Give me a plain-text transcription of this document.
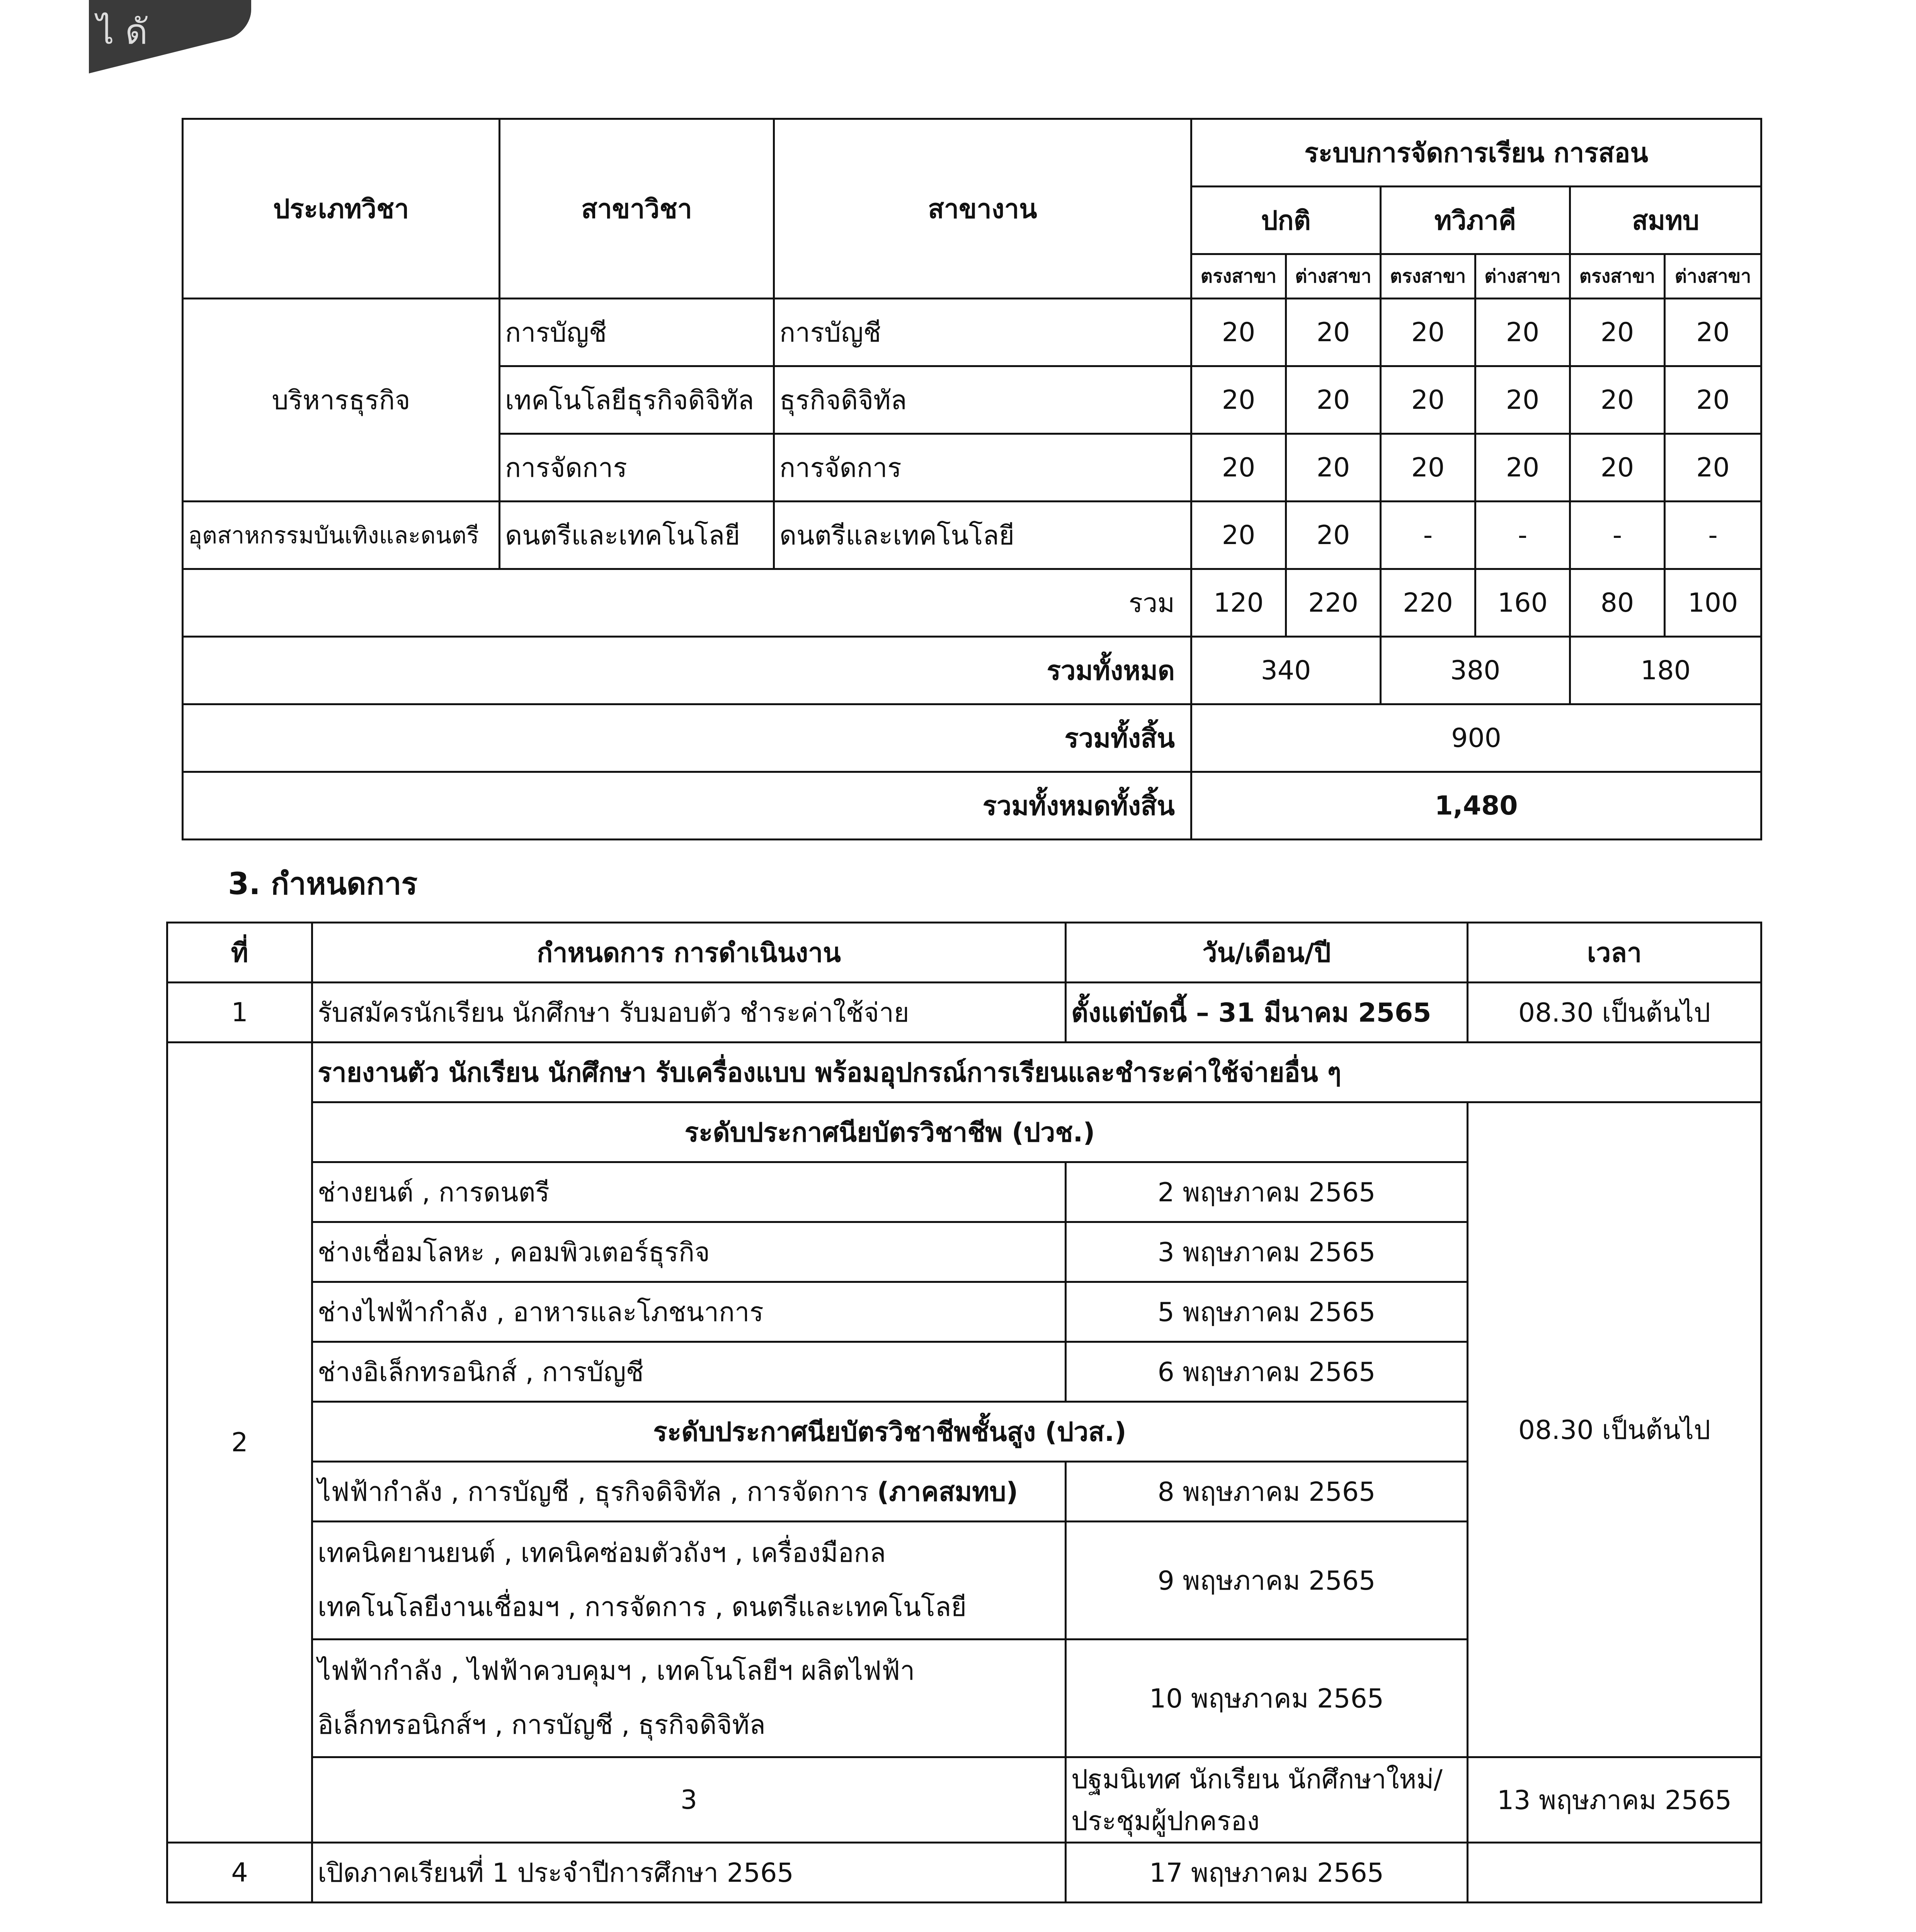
ไ ดั
ประเภทวิชา	สาขาวิชา	สาขางาน	ระบบการจัดการเรียน การสอน					
			ปกติ		ทวิภาคี		สมทบ	
			ตรงสาขา	ต่างสาขา	ตรงสาขา	ต่างสาขา	ตรงสาขา	ต่างสาขา
บริหารธุรกิจ	การบัญชี	การบัญชี	20	20	20	20	20	20
	เทคโนโลยีธุรกิจดิจิทัล	ธุรกิจดิจิทัล	20	20	20	20	20	20
	การจัดการ	การจัดการ	20	20	20	20	20	20
อุตสาหกรรมบันเทิงและดนตรี	ดนตรีและเทคโนโลยี	ดนตรีและเทคโนโลยี	20	20	-	-	-	-
รวม			120	220	220	160	80	100
รวมทั้งหมด			340		380		180	
รวมทั้งสิ้น			900					
รวมทั้งหมดทั้งสิ้น			1,480					
3. กำหนดการ
ที่	กำหนดการ การดำเนินงาน	วัน/เดือน/ปี	เวลา	
1	รับสมัครนักเรียน นักศึกษา รับมอบตัว ชำระค่าใช้จ่าย	ตั้งแต่บัดนี้ – 31 มีนาคม 2565	08.30 เป็นต้นไป	
2	รายงานตัว นักเรียน นักศึกษา รับเครื่องแบบ พร้อมอุปกรณ์การเรียนและชำระค่าใช้จ่ายอื่น ๆ			
	ระดับประกาศนียบัตรวิชาชีพ (ปวช.)		08.30 เป็นต้นไป	
	ช่างยนต์ , การดนตรี	2 พฤษภาคม 2565		
	ช่างเชื่อมโลหะ , คอมพิวเตอร์ธุรกิจ	3 พฤษภาคม 2565		
	ช่างไฟฟ้ากำลัง , อาหารและโภชนาการ	5 พฤษภาคม 2565		
	ช่างอิเล็กทรอนิกส์ , การบัญชี	6 พฤษภาคม 2565		
	ระดับประกาศนียบัตรวิชาชีพชั้นสูง (ปวส.)			
	ไฟฟ้ากำลัง , การบัญชี , ธุรกิจดิจิทัล , การจัดการ (ภาคสมทบ)	8 พฤษภาคม 2565		

	เทคนิคยานยนต์ , เทคนิคซ่อมตัวถังฯ , เครื่องมือกล
เทคโนโลยีงานเชื่อมฯ , การจัดการ , ดนตรีและเทคโนโลยี	9 พฤษภาคม 2565		

	ไฟฟ้ากำลัง , ไฟฟ้าควบคุมฯ , เทคโนโลยีฯ ผลิตไฟฟ้า
อิเล็กทรอนิกส์ฯ , การบัญชี , ธุรกิจดิจิทัล	10 พฤษภาคม 2565		
	3	ปฐมนิเทศ นักเรียน นักศึกษาใหม่/ประชุมผู้ปกครอง	13 พฤษภาคม 2565	
4	เปิดภาคเรียนที่ 1 ประจำปีการศึกษา 2565	17 พฤษภาคม 2565		
